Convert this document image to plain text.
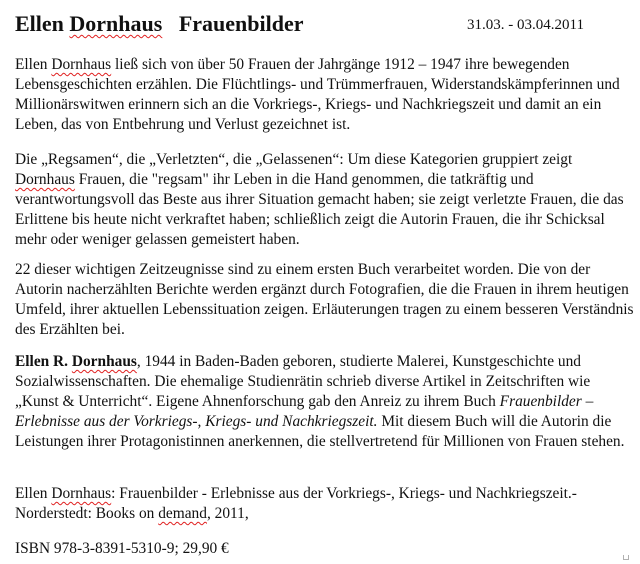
Ellen Dornhaus   Frauenbilder	31.03. - 03.04.2011
Ellen Dornhaus ließ sich von über 50 Frauen der Jahrgänge 1912 – 1947 ihre bewegenden Lebensgeschichten erzählen. Die Flüchtlings- und Trümmerfrauen, Widerstandskämpferinnen und Millionärswitwen erinnern sich an die Vorkriegs-, Kriegs- und Nachkriegszeit und damit an ein Leben, das von Entbehrung und Verlust gezeichnet ist.
Die „Regsamen“, die „Verletzten“, die „Gelassenen“: Um diese Kategorien gruppiert zeigt Dornhaus Frauen, die "regsam" ihr Leben in die Hand genommen, die tatkräftig und verantwortungsvoll das Beste aus ihrer Situation gemacht haben; sie zeigt verletzte Frauen, die das Erlittene bis heute nicht verkraftet haben; schließlich zeigt die Autorin Frauen, die ihr Schicksal mehr oder weniger gelassen gemeistert haben.
22 dieser wichtigen Zeitzeugnisse sind zu einem ersten Buch verarbeitet worden. Die von der Autorin nacherzählten Berichte werden ergänzt durch Fotografien, die die Frauen in ihrem heutigen Umfeld, ihrer aktuellen Lebenssituation zeigen. Erläuterungen tragen zu einem besseren Verständnis des Erzählten bei.
Ellen R. Dornhaus, 1944 in Baden-Baden geboren, studierte Malerei, Kunstgeschichte und Sozialwissenschaften. Die ehemalige Studienrätin schrieb diverse Artikel in Zeitschriften wie „Kunst & Unterricht“. Eigene Ahnenforschung gab den Anreiz zu ihrem Buch Frauenbilder – Erlebnisse aus der Vorkriegs-, Kriegs- und Nachkriegszeit. Mit diesem Buch will die Autorin die Leistungen ihrer Protagonistinnen anerkennen, die stellvertretend für Millionen von Frauen stehen.
Ellen Dornhaus: Frauenbilder - Erlebnisse aus der Vorkriegs-, Kriegs- und Nachkriegszeit.- Norderstedt: Books on demand, 2011,
ISBN 978-3-8391-5310-9; 29,90 €
